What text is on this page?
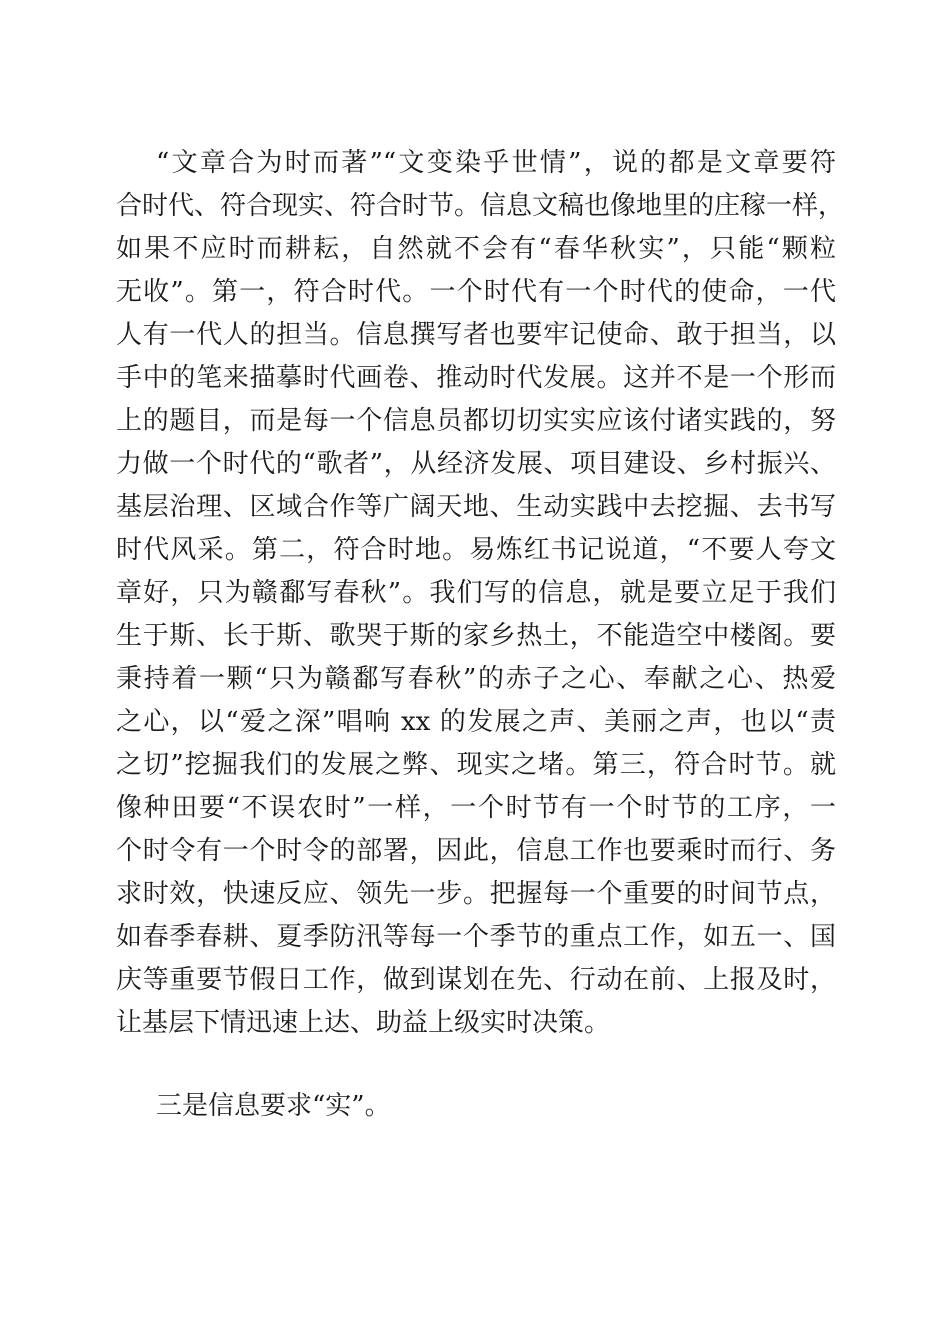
“文章合为时而著”“文变染乎世情”，说的都是文章要符
合时代、符合现实、符合时节。信息文稿也像地里的庄稼一样，
如果不应时而耕耘，自然就不会有“春华秋实”，只能“颗粒
无收”。第一，符合时代。一个时代有一个时代的使命，一代
人有一代人的担当。信息撰写者也要牢记使命、敢于担当，以
手中的笔来描摹时代画卷、推动时代发展。这并不是一个形而
上的题目，而是每一个信息员都切切实实应该付诸实践的，努
力做一个时代的“歌者”，从经济发展、项目建设、乡村振兴、
基层治理、区域合作等广阔天地、生动实践中去挖掘、去书写
时代风采。第二，符合时地。易炼红书记说道，“不要人夸文
章好，只为赣鄱写春秋”。我们写的信息，就是要立足于我们
生于斯、长于斯、歌哭于斯的家乡热土，不能造空中楼阁。要
秉持着一颗“只为赣鄱写春秋”的赤子之心、奉献之心、热爱
之心，以“爱之深”唱响 xx 的发展之声、美丽之声，也以“责
之切”挖掘我们的发展之弊、现实之堵。第三，符合时节。就
像种田要“不误农时”一样，一个时节有一个时节的工序，一
个时令有一个时令的部署，因此，信息工作也要乘时而行、务
求时效，快速反应、领先一步。把握每一个重要的时间节点，
如春季春耕、夏季防汛等每一个季节的重点工作，如五一、国
庆等重要节假日工作，做到谋划在先、行动在前、上报及时，
让基层下情迅速上达、助益上级实时决策。

三是信息要求“实”。
